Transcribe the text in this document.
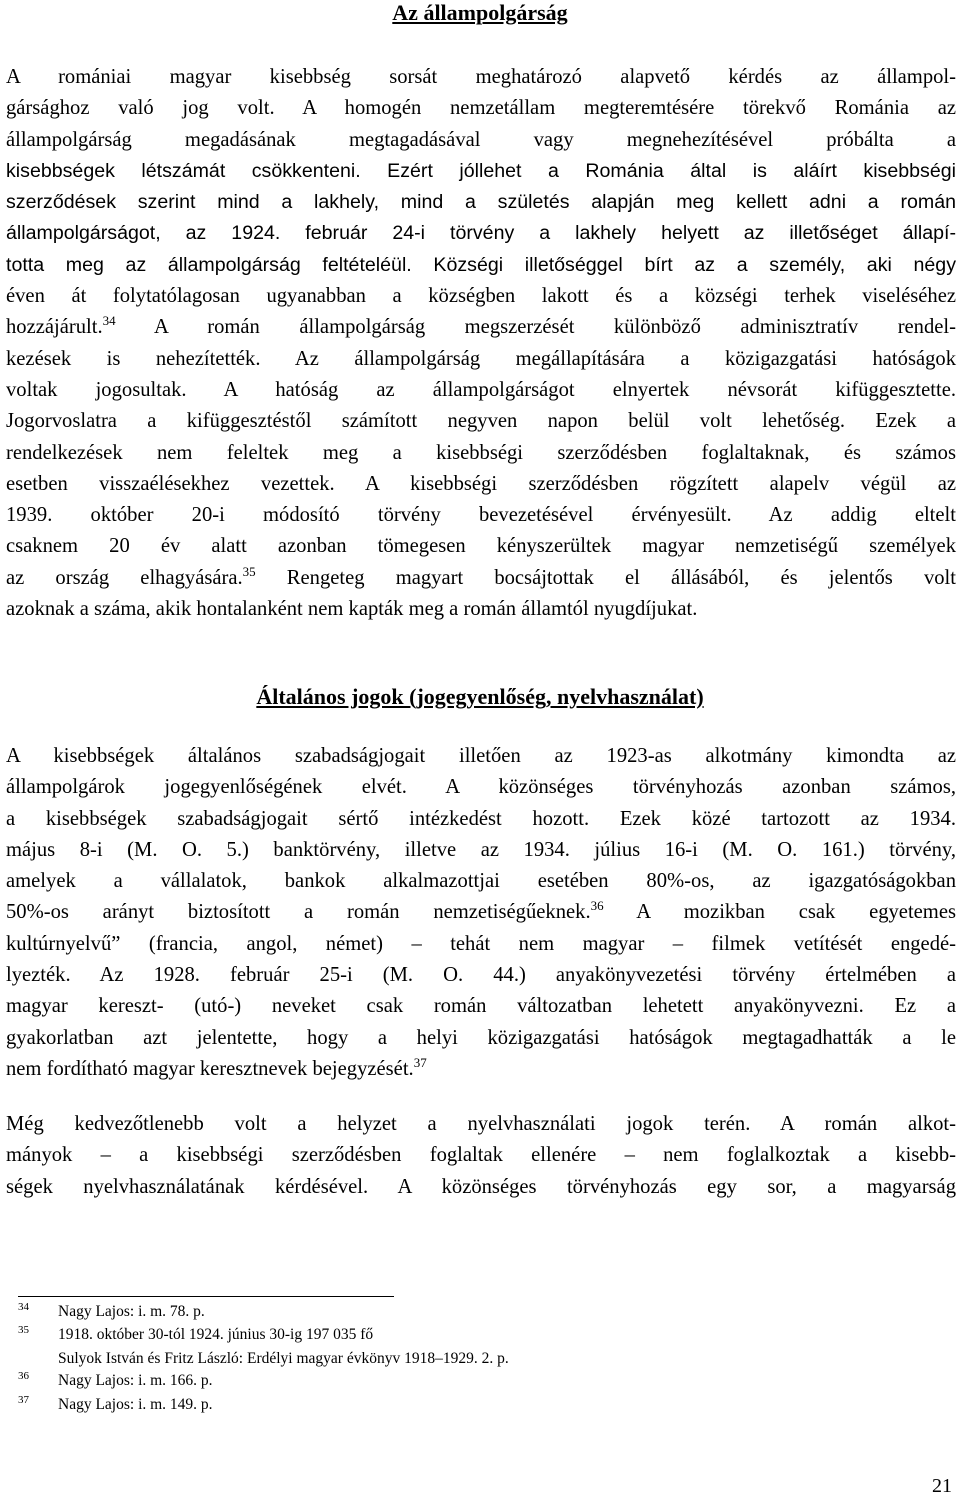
Az állampolgárság
A romániai magyar kisebbség sorsát meghatározó alapvető kérdés az állampol-
gársághoz való jog volt. A homogén nemzetállam megteremtésére törekvő Románia az
állampolgárság megadásának megtagadásával vagy megnehezítésével próbálta a
kisebbségek létszámát csökkenteni. Ezért jóllehet a Románia által is aláírt kisebbségi
szerződések szerint mind a lakhely, mind a születés alapján meg kellett adni a román
állampolgárságot, az 1924. február 24-i törvény a lakhely helyett az illetőséget állapí-
totta meg az állampolgárság feltételéül. Községi illetőséggel bírt az a személy, aki négy
éven át folytatólagosan ugyanabban a községben lakott és a községi terhek viseléséhez
hozzájárult.$^{34}$ A román állampolgárság megszerzését különböző adminisztratív rendel-
kezések is nehezítették. Az állampolgárság megállapítására a közigazgatási hatóságok
voltak jogosultak. A hatóság az állampolgárságot elnyertek névsorát kifüggesztette.
Jogorvoslatra a kifüggesztéstől számított negyven napon belül volt lehetőség. Ezek a
rendelkezések nem feleltek meg a kisebbségi szerződésben foglaltaknak, és számos
esetben visszaélésekhez vezettek. A kisebbségi szerződésben rögzített alapelv végül az
1939. október 20-i módosító törvény bevezetésével érvényesült. Az addig eltelt
csaknem 20 év alatt azonban tömegesen kényszerültek magyar nemzetiségű személyek
az ország elhagyására.$^{35}$ Rengeteg magyart bocsájtottak el állásából, és jelentős volt
azoknak a száma, akik hontalanként nem kapták meg a román államtól nyugdíjukat.
Általános jogok (jogegyenlőség, nyelvhasználat)
A kisebbségek általános szabadságjogait illetően az 1923-as alkotmány kimondta az
állampolgárok jogegyenlőségének elvét. A közönséges törvényhozás azonban számos,
a kisebbségek szabadságjogait sértő intézkedést hozott. Ezek közé tartozott az 1934.
május 8-i (M. O. 5.) banktörvény, illetve az 1934. július 16-i (M. O. 161.) törvény,
amelyek a vállalatok, bankok alkalmazottjai esetében 80%-os, az igazgatóságokban
50%-os arányt biztosított a román nemzetiségűeknek.$^{36}$ A mozikban csak egyetemes
kultúrnyelvű” (francia, angol, német) – tehát nem magyar – filmek vetítését engedé-
lyezték. Az 1928. február 25-i (M. O. 44.) anyakönyvezetési törvény értelmében a
magyar kereszt- (utó-) neveket csak román változatban lehetett anyakönyvezni. Ez a
gyakorlatban azt jelentette, hogy a helyi közigazgatási hatóságok megtagadhatták a le
nem fordítható magyar keresztnevek bejegyzését.$^{37}$
Még kedvezőtlenebb volt a helyzet a nyelvhasználati jogok terén. A román alkot-
mányok – a kisebbségi szerződésben foglaltak ellenére – nem foglalkoztak a kisebb-
ségek nyelvhasználatának kérdésével. A közönséges törvényhozás egy sor, a magyarság
34	Nagy Lajos: i. m. 78. p.
35	1918. október 30-tól 1924. június 30-ig 197 035 fő
Sulyok István és Fritz László: Erdélyi magyar évkönyv 1918–1929. 2. p.
36	Nagy Lajos: i. m. 166. p.
37	Nagy Lajos: i. m. 149. p.
21
